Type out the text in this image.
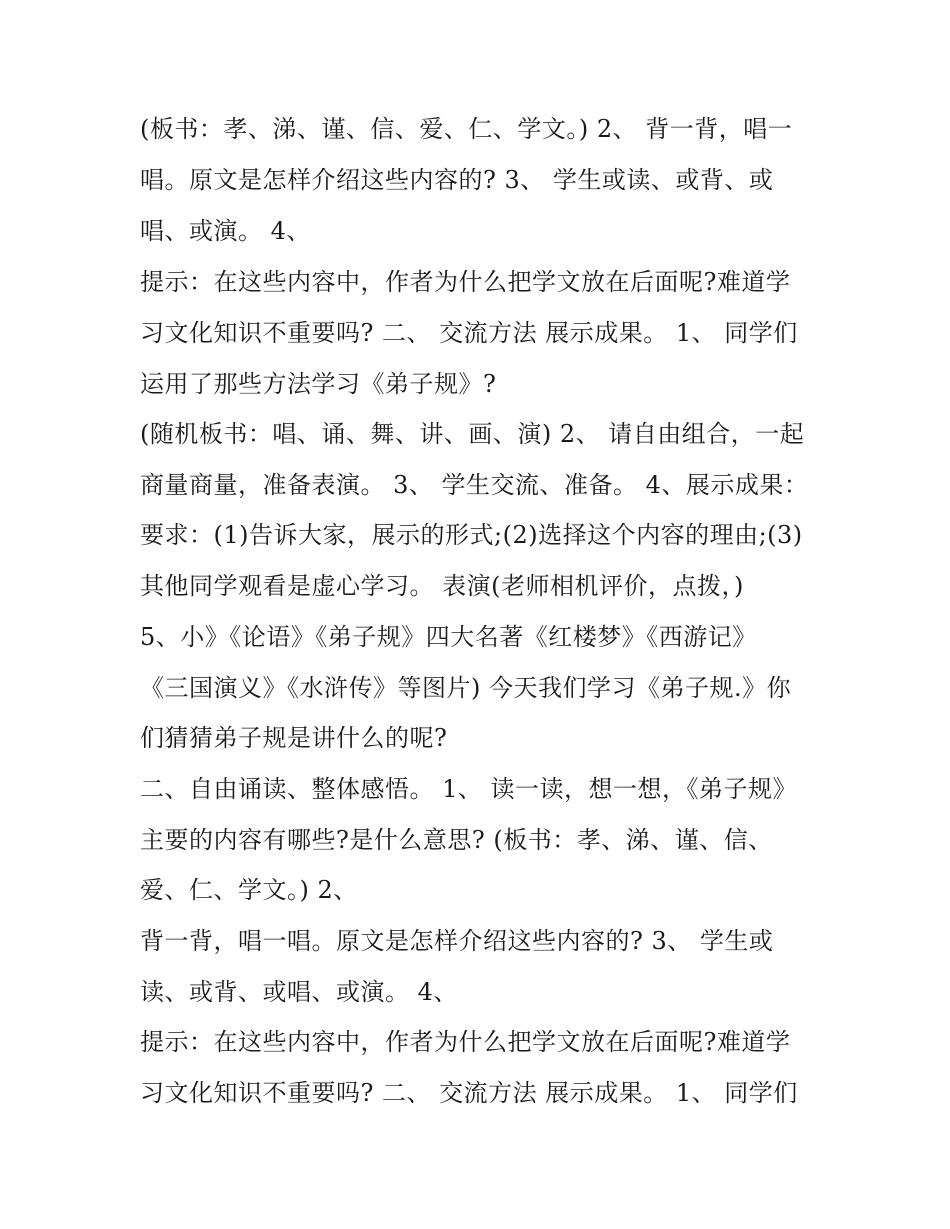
(板书：孝、涕、谨、信、爱、仁、学文。) 2、 背一背，唱一
唱。原文是怎样介绍这些内容的? 3、 学生或读、或背、或
唱、或演。 4、
提示：在这些内容中，作者为什么把学文放在后面呢?难道学
习文化知识不重要吗? 二、 交流方法 展示成果。 1、 同学们
运用了那些方法学习《弟子规》?
(随机板书：唱、诵、舞、讲、画、演) 2、 请自由组合，一起
商量商量，准备表演。 3、 学生交流、准备。 4、展示成果：
要求：(1)告诉大家，展示的形式;(2)选择这个内容的理由;(3)
其他同学观看是虚心学习。 表演(老师相机评价，点拨，)
5、小》《论语》《弟子规》四大名著《红楼梦》《西游记》
《三国演义》《水浒传》等图片) 今天我们学习《弟子规.》你
们猜猜弟子规是讲什么的呢?
二、自由诵读、整体感悟。 1、 读一读，想一想，《弟子规》
主要的内容有哪些?是什么意思? (板书：孝、涕、谨、信、
爱、仁、学文。) 2、
背一背，唱一唱。原文是怎样介绍这些内容的? 3、 学生或
读、或背、或唱、或演。 4、
提示：在这些内容中，作者为什么把学文放在后面呢?难道学
习文化知识不重要吗? 二、 交流方法 展示成果。 1、 同学们
